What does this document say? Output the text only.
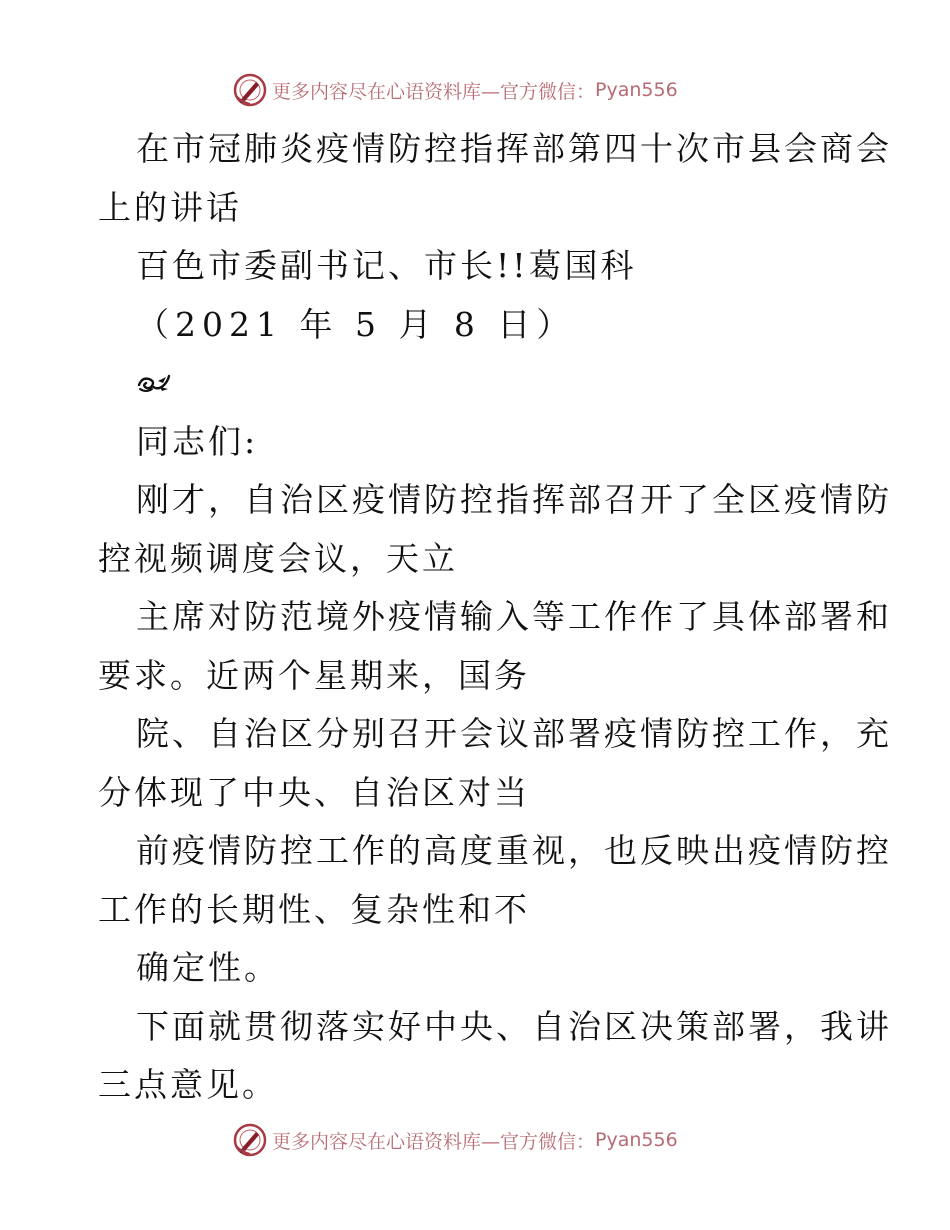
更多内容尽在心语资料库—官方微信： Pyan556
在市冠肺炎疫情防控指挥部第四十次市县会商会
上的讲话
百色市委副书记、市长!!葛国科
（2021 年 5 月 8 日）
同志们:
刚才，自治区疫情防控指挥部召开了全区疫情防
控视频调度会议，天立
主席对防范境外疫情输入等工作作了具体部署和
要求。近两个星期来，国务
院、自治区分别召开会议部署疫情防控工作，充
分体现了中央、自治区对当
前疫情防控工作的高度重视，也反映出疫情防控
工作的长期性、复杂性和不
确定性。
下面就贯彻落实好中央、自治区决策部署，我讲
三点意见。
更多内容尽在心语资料库—官方微信： Pyan556
